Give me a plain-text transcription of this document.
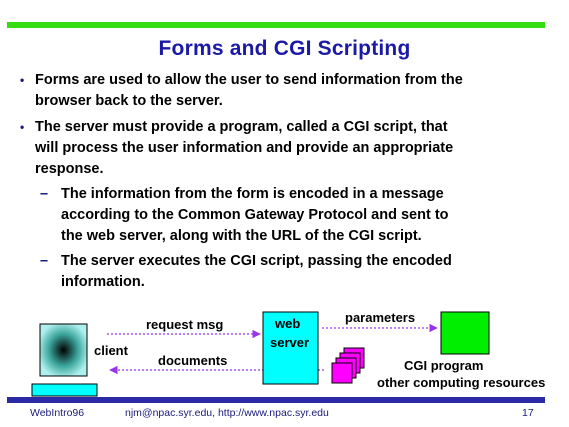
Forms and CGI Scripting
• Forms are used to allow the user to send information from the
browser back to the server.
• The server must provide a program, called a CGI script, that
will process the user information and provide an appropriate
response.
– The information from the form is encoded in a message
according to the Common Gateway Protocol and sent to
the web server, along with the URL of the CGI script.
– The server executes the CGI script, passing the encoded
information.
request msg
client
documents
web
server
parameters
CGI program
other computing resources
WebIntro96	njm@npac.syr.edu, http://www.npac.syr.edu	17
